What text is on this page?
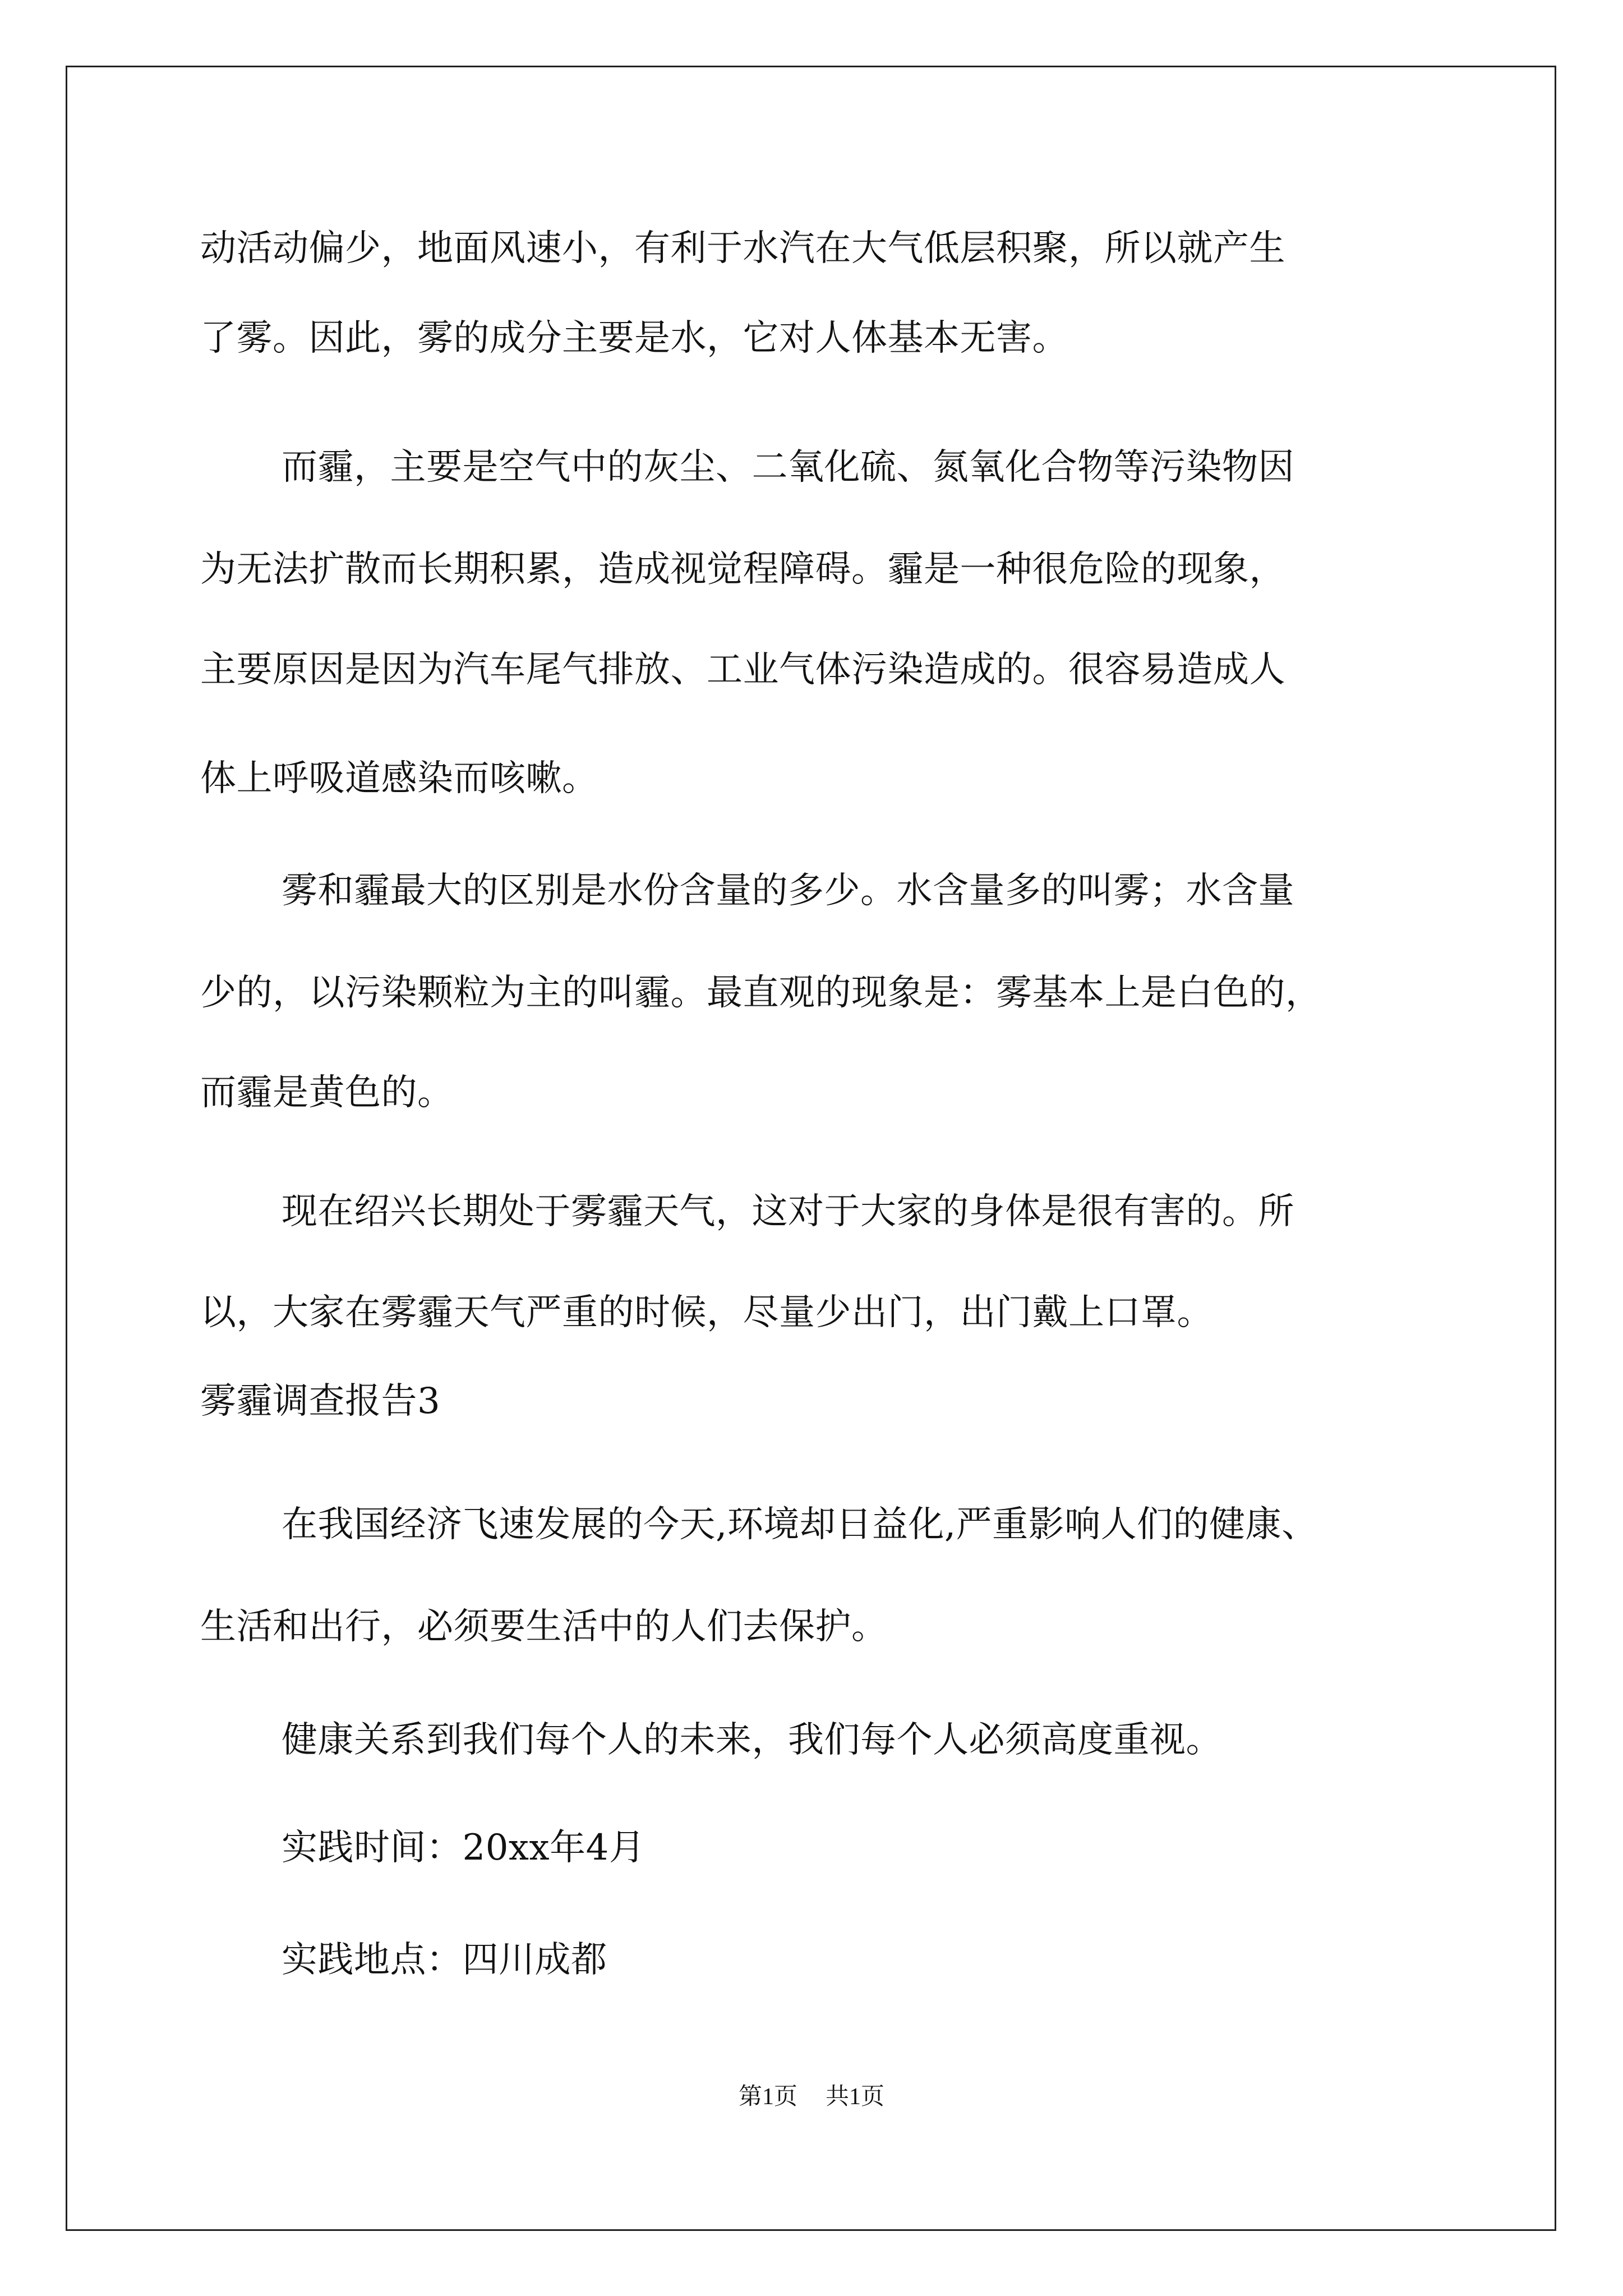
动活动偏少，地面风速小，有利于水汽在大气低层积聚，所以就产生
了雾。因此，雾的成分主要是水，它对人体基本无害。
而霾，主要是空气中的灰尘、二氧化硫、氮氧化合物等污染物因
为无法扩散而长期积累，造成视觉程障碍。霾是一种很危险的现象，
主要原因是因为汽车尾气排放、工业气体污染造成的。很容易造成人
体上呼吸道感染而咳嗽。
雾和霾最大的区别是水份含量的多少。水含量多的叫雾；水含量
少的，以污染颗粒为主的叫霾。最直观的现象是：雾基本上是白色的，
而霾是黄色的。
现在绍兴长期处于雾霾天气，这对于大家的身体是很有害的。所
以，大家在雾霾天气严重的时候，尽量少出门，出门戴上口罩。
雾霾调查报告3
在我国经济飞速发展的今天,环境却日益化,严重影响人们的健康、
生活和出行，必须要生活中的人们去保护。
健康关系到我们每个人的未来，我们每个人必须高度重视。
实践时间：20xx年4月
实践地点：四川成都
第1页 共1页
